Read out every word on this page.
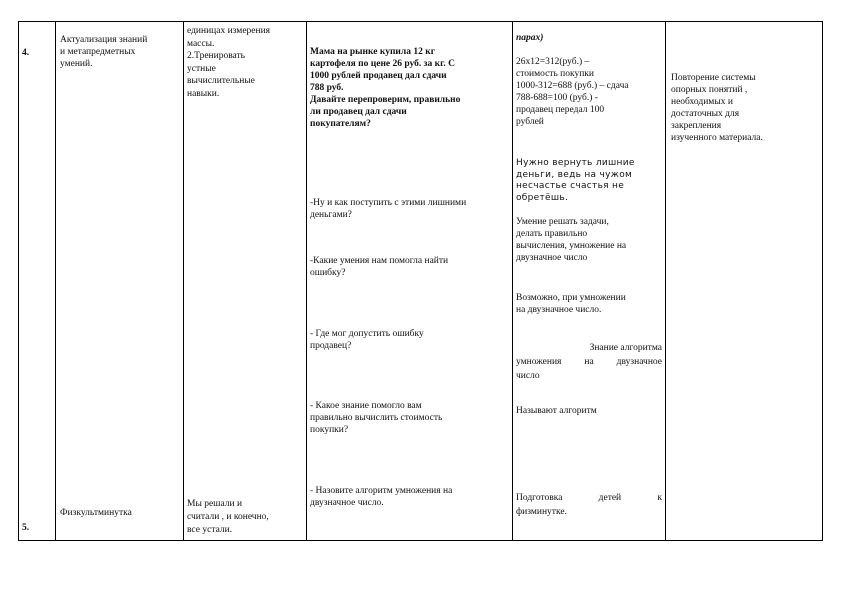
4.
5.
Актуализация знаний
и метапредметных
умений.
Физкультминутка
единицах измерения
массы.
2.Тренировать
устные
вычислительные
навыки.
Мы решали и
считали , и конечно,
все устали.
Мама на рынке купила 12 кг
картофеля по цене 26 руб. за кг. С
1000 рублей продавец дал сдачи
788 руб.
Давайте перепроверим, правильно
ли продавец дал сдачи
покупателям?
-Ну и как поступить с этими лишними
деньгами?
-Какие умения нам помогла найти
ошибку?
- Где мог допустить ошибку
продавец?
- Какое знание помогло вам
правильно вычислить стоимость
покупки?
- Назовите алгоритм умножения на
двузначное число.
парах)
26х12=312(руб.) –
стоимость покупки
1000-312=688 (руб.) – сдача
788-688=100 (руб.) -
продавец передал 100
рублей
Нужно вернуть лишние
деньги, ведь на чужом
несчастье счастья не
обретёшь.
Умение решать задачи,
делать правильно
вычисления, умножение на
двузначное число
Возможно, при умножении
на двузначное число.
Знание алгоритма
умножения на двузначное
число
Называют алгоритм
Подготовка детей к
физминутке.
Повторение системы
опорных понятий ,
необходимых и
достаточных для
закрепления
изученного материала.
